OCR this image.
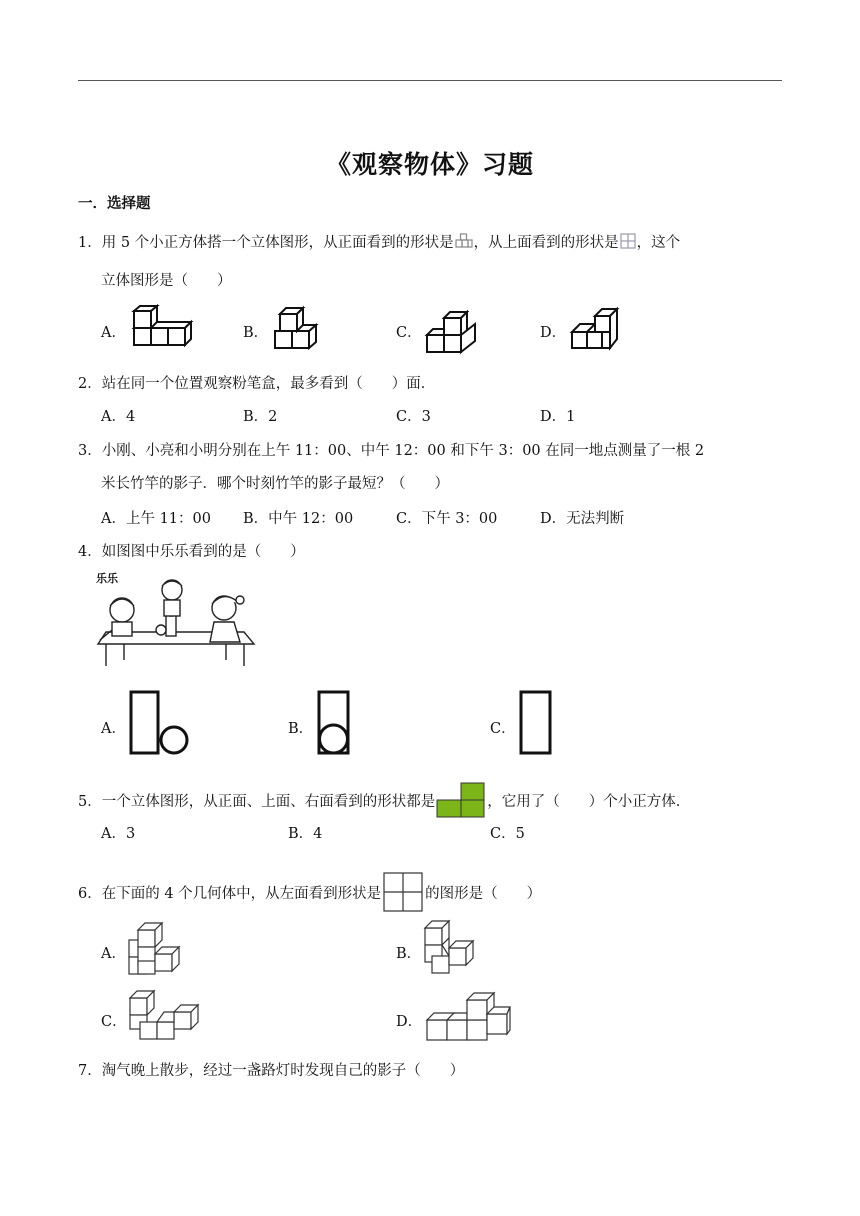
《观察物体》习题
一．选择题
1．用 5 个小正方体搭一个立体图形，从正面看到的形状是 ，从上面看到的形状是 ，这个
立体图形是（　　）
A．	B．	C．	D．
2．站在同一个位置观察粉笔盒，最多看到（　　）面．
A．4	B．2	C．3	D．1
3．小刚、小亮和小明分别在上午 11：00、中午 12：00 和下午 3：00 在同一地点测量了一根 2
米长竹竿的影子．哪个时刻竹竿的影子最短？（　　）
A．上午 11：00 B．中午 12：00	C．下午 3：00	D．无法判断
4．如图图中乐乐看到的是（　　）
乐乐
A．	B．	C．
5．一个立体图形，从正面、上面、右面看到的形状都是	，它用了（　　）个小正方体．
A．3	B．4	C．5
6．在下面的 4 个几何体中，从左面看到形状是	的图形是（　　）
A．	B．
C．	D．
7．淘气晚上散步，经过一盏路灯时发现自己的影子（　　）
